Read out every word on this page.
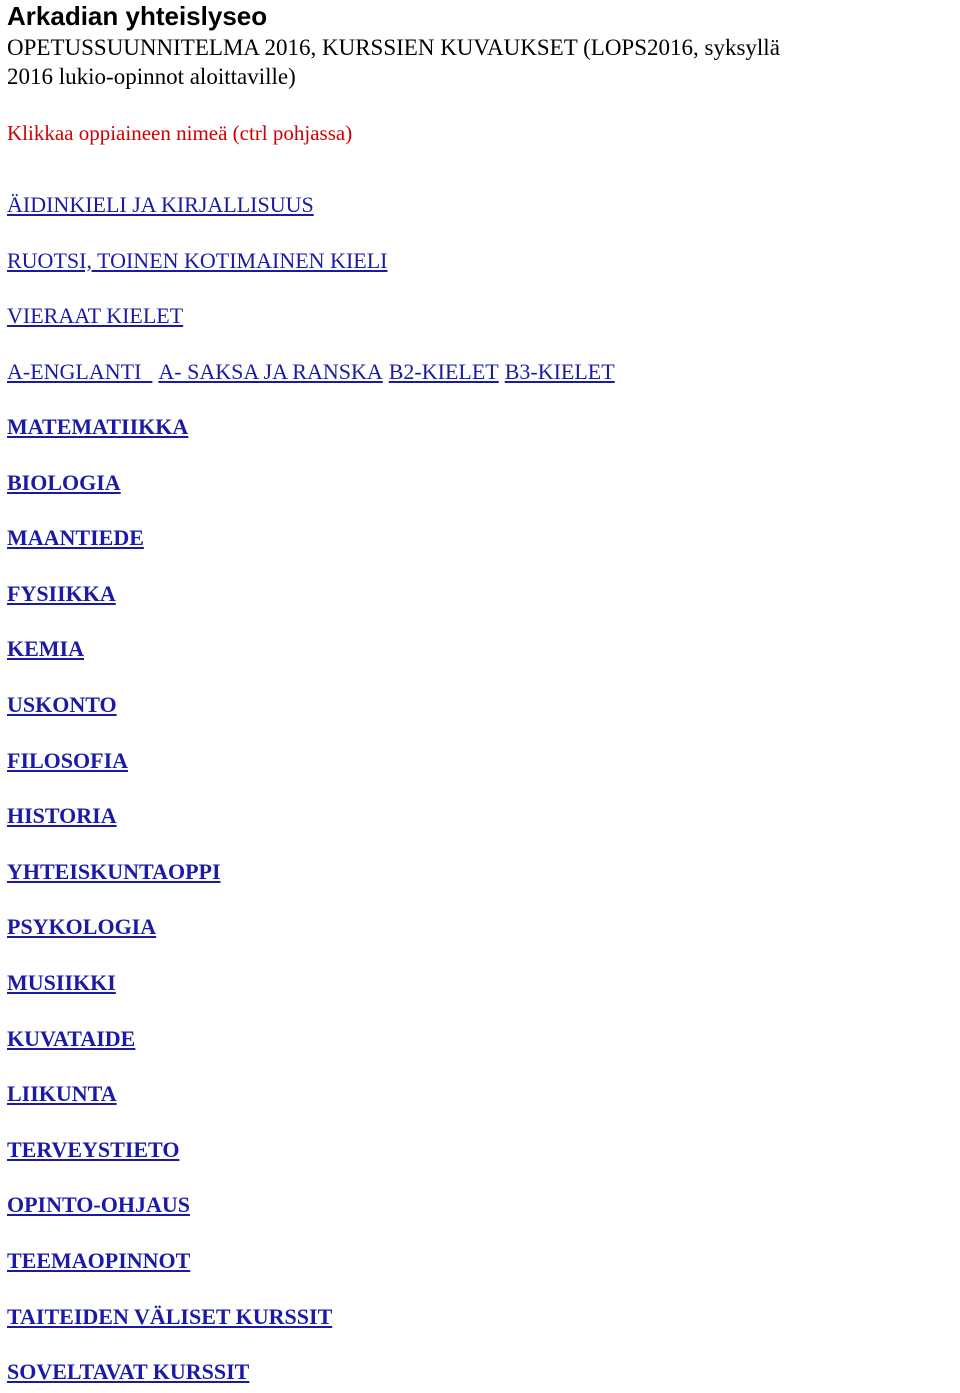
Arkadian yhteislyseo
OPETUSSUUNNITELMA 2016, KURSSIEN KUVAUKSET (LOPS2016, syksyllä
2016 lukio-opinnot aloittaville)
Klikkaa oppiaineen nimeä (ctrl pohjassa)
ÄIDINKIELI JA KIRJALLISUUS
RUOTSI, TOINEN KOTIMAINEN KIELI
VIERAAT KIELET
A-ENGLANTI  A- SAKSA JA RANSKA B2-KIELET B3-KIELET
MATEMATIIKKA
BIOLOGIA
MAANTIEDE
FYSIIKKA
KEMIA
USKONTO
FILOSOFIA
HISTORIA
YHTEISKUNTAOPPI
PSYKOLOGIA
MUSIIKKI
KUVATAIDE
LIIKUNTA
TERVEYSTIETO
OPINTO-OHJAUS
TEEMAOPINNOT
TAITEIDEN VÄLISET KURSSIT
SOVELTAVAT KURSSIT
